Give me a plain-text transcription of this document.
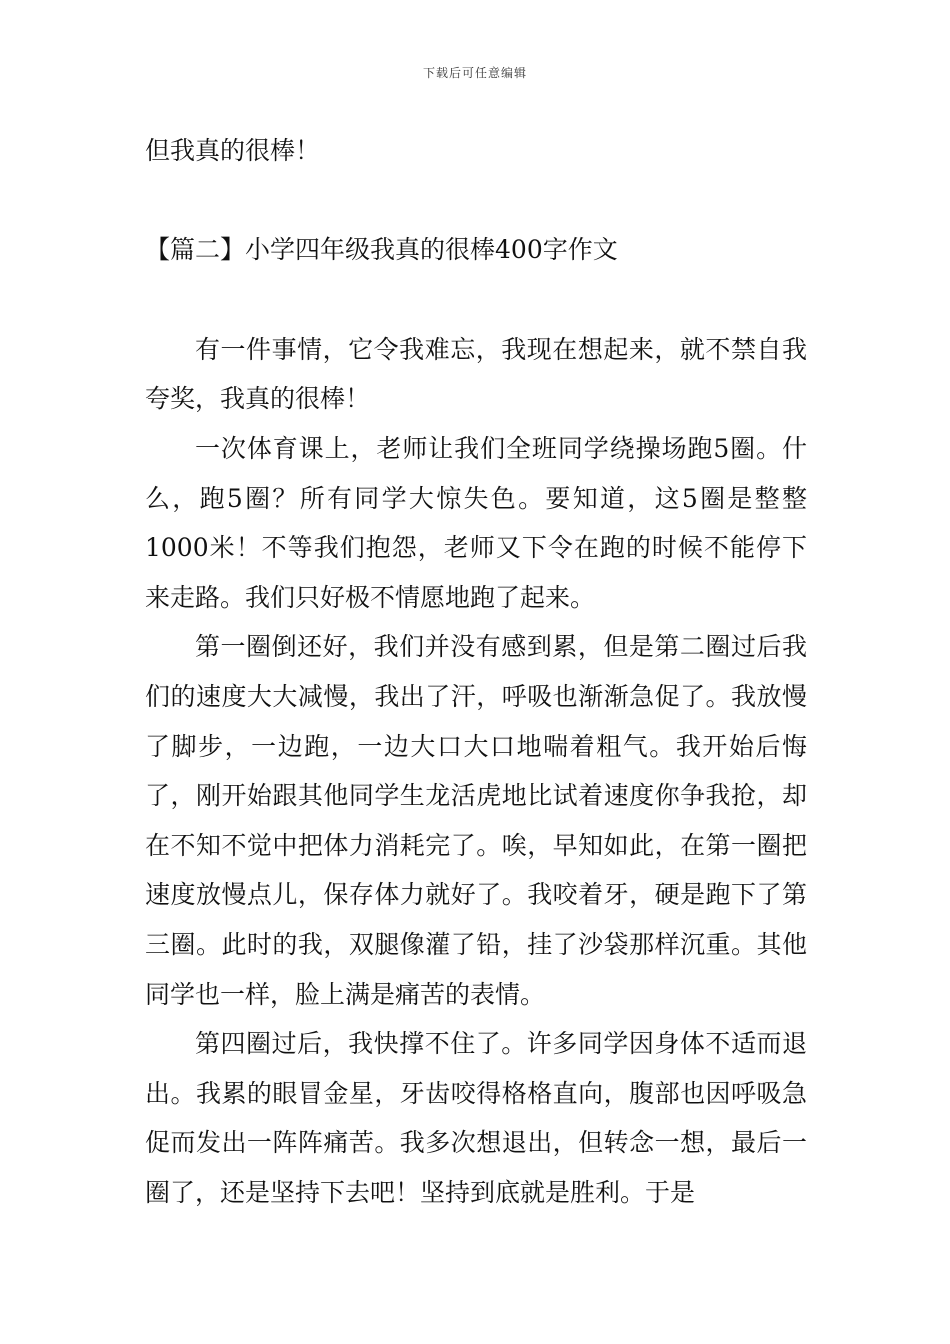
下载后可任意编辑

但我真的很棒！

【篇二】小学四年级我真的很棒400字作文

有一件事情，它令我难忘，我现在想起来，就不禁自我夸奖，我真的很棒！

一次体育课上，老师让我们全班同学绕操场跑5圈。什么，跑5圈？所有同学大惊失色。要知道，这5圈是整整1000米！不等我们抱怨，老师又下令在跑的时候不能停下来走路。我们只好极不情愿地跑了起来。

第一圈倒还好，我们并没有感到累，但是第二圈过后我们的速度大大减慢，我出了汗，呼吸也渐渐急促了。我放慢了脚步，一边跑，一边大口大口地喘着粗气。我开始后悔了，刚开始跟其他同学生龙活虎地比试着速度你争我抢，却在不知不觉中把体力消耗完了。唉，早知如此，在第一圈把速度放慢点儿，保存体力就好了。我咬着牙，硬是跑下了第三圈。此时的我，双腿像灌了铅，挂了沙袋那样沉重。其他同学也一样，脸上满是痛苦的表情。

第四圈过后，我快撑不住了。许多同学因身体不适而退出。我累的眼冒金星，牙齿咬得格格直向，腹部也因呼吸急促而发出一阵阵痛苦。我多次想退出，但转念一想，最后一圈了，还是坚持下去吧！坚持到底就是胜利。于是
